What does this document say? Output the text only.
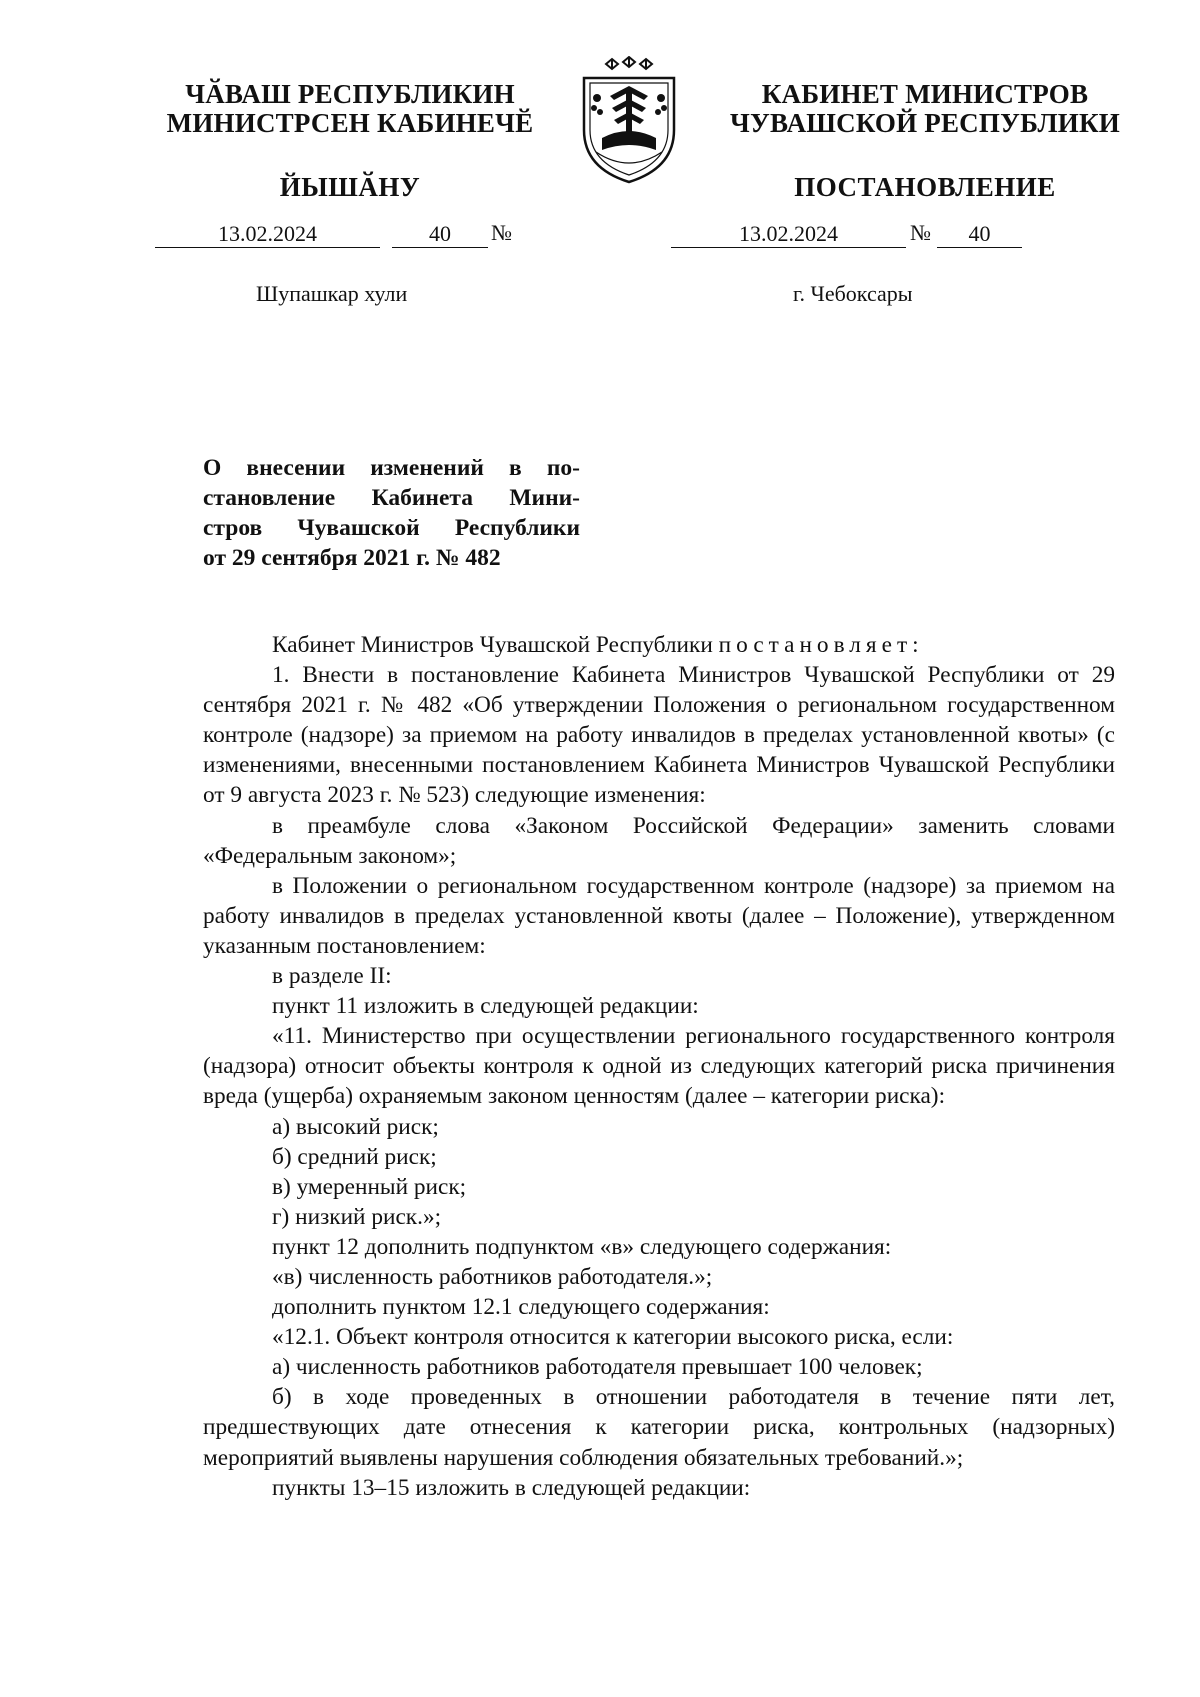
ЧӐВАШ РЕСПУБЛИКИН
МИНИСТРСЕН КАБИНЕЧӖ
ЙЫШӐНУ
КАБИНЕТ МИНИСТРОВ
ЧУВАШСКОЙ РЕСПУБЛИКИ
ПОСТАНОВЛЕНИЕ
13.02.2024	40	№	13.02.2024	№	40
Шупашкар хули	г. Чебоксары
О внесении изменений в по-
становление Кабинета Мини-
стров Чувашской Республики
от 29 сентября 2021 г. № 482

Кабинет Министров Чувашской Республики постановляет:

1. Внести в постановление Кабинета Министров Чувашской Республики от 29 сентября 2021 г. № 482 «Об утверждении Положения о региональном государственном контроле (надзоре) за приемом на работу инвалидов в пределах установленной квоты» (с изменениями, внесенными постановлением Кабинета Министров Чувашской Республики от 9 августа 2023 г. № 523) следующие изменения:

в преамбуле слова «Законом Российской Федерации» заменить словами «Федеральным законом»;

в Положении о региональном государственном контроле (надзоре) за приемом на работу инвалидов в пределах установленной квоты (далее – Положение), утвержденном указанным постановлением:

в разделе II:

пункт 11 изложить в следующей редакции:

«11. Министерство при осуществлении регионального государственного контроля (надзора) относит объекты контроля к одной из следующих категорий риска причинения вреда (ущерба) охраняемым законом ценностям (далее – категории риска):

а) высокий риск;

б) средний риск;

в) умеренный риск;

г) низкий риск.»;

пункт 12 дополнить подпунктом «в» следующего содержания:

«в) численность работников работодателя.»;

дополнить пунктом 12.1 следующего содержания:

«12.1. Объект контроля относится к категории высокого риска, если:

а) численность работников работодателя превышает 100 человек;

б) в ходе проведенных в отношении работодателя в течение пяти лет, предшествующих дате отнесения к категории риска, контрольных (надзорных) мероприятий выявлены нарушения соблюдения обязательных требований.»;

пункты 13–15 изложить в следующей редакции:
